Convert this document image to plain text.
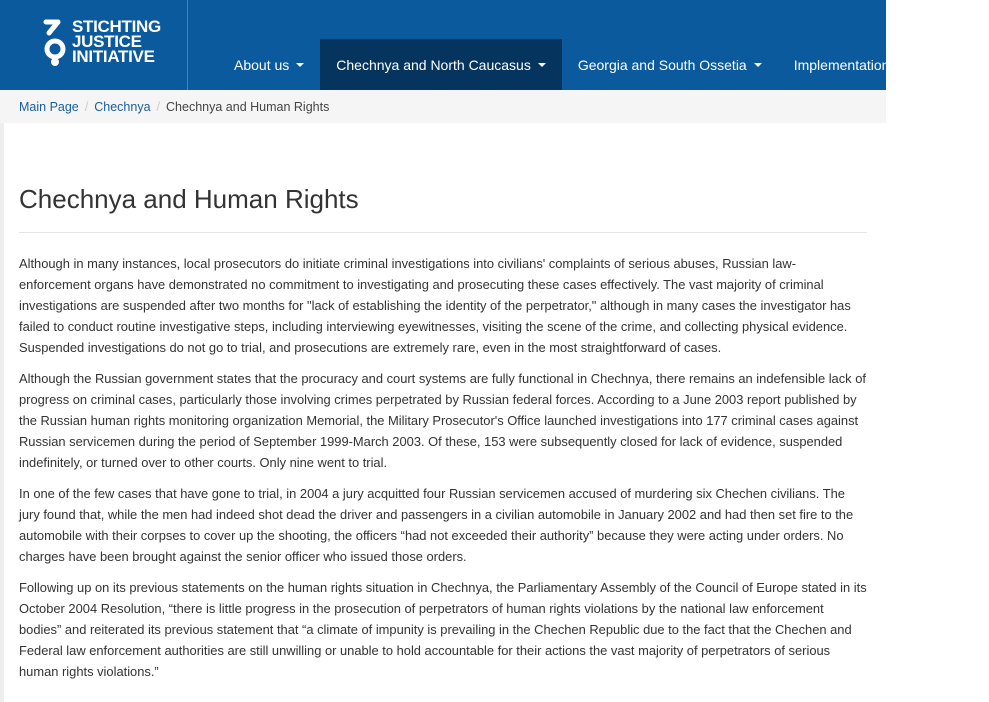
STICHTING
JUSTICE
INITIATIVE	About us	Chechnya and North Caucasus	Georgia and South Ossetia	Implementation of judgments
Main Page / Chechnya / Chechnya and Human Rights
Chechnya and Human Rights

Although in many instances, local prosecutors do initiate criminal investigations into civilians' complaints of serious abuses, Russian law-enforcement organs have demonstrated no commitment to investigating and prosecuting these cases effectively. The vast majority of criminal investigations are suspended after two months for "lack of establishing the identity of the perpetrator," although in many cases the investigator has failed to conduct routine investigative steps, including interviewing eyewitnesses, visiting the scene of the crime, and collecting physical evidence. Suspended investigations do not go to trial, and prosecutions are extremely rare, even in the most straightforward of cases.

Although the Russian government states that the procuracy and court systems are fully functional in Chechnya, there remains an indefensible lack of progress on criminal cases, particularly those involving crimes perpetrated by Russian federal forces. According to a June 2003 report published by the Russian human rights monitoring organization Memorial, the Military Prosecutor's Office launched investigations into 177 criminal cases against Russian servicemen during the period of September 1999-March 2003. Of these, 153 were subsequently closed for lack of evidence, suspended indefinitely, or turned over to other courts. Only nine went to trial.

In one of the few cases that have gone to trial, in 2004 a jury acquitted four Russian servicemen accused of murdering six Chechen civilians. The jury found that, while the men had indeed shot dead the driver and passengers in a civilian automobile in January 2002 and had then set fire to the automobile with their corpses to cover up the shooting, the officers “had not exceeded their authority” because they were acting under orders. No charges have been brought against the senior officer who issued those orders.

Following up on its previous statements on the human rights situation in Chechnya, the Parliamentary Assembly of the Council of Europe stated in its October 2004 Resolution, “there is little progress in the prosecution of perpetrators of human rights violations by the national law enforcement bodies” and reiterated its previous statement that “a climate of impunity is prevailing in the Chechen Republic due to the fact that the Chechen and Federal law enforcement authorities are still unwilling or unable to hold accountable for their actions the vast majority of perpetrators of serious human rights violations.”
